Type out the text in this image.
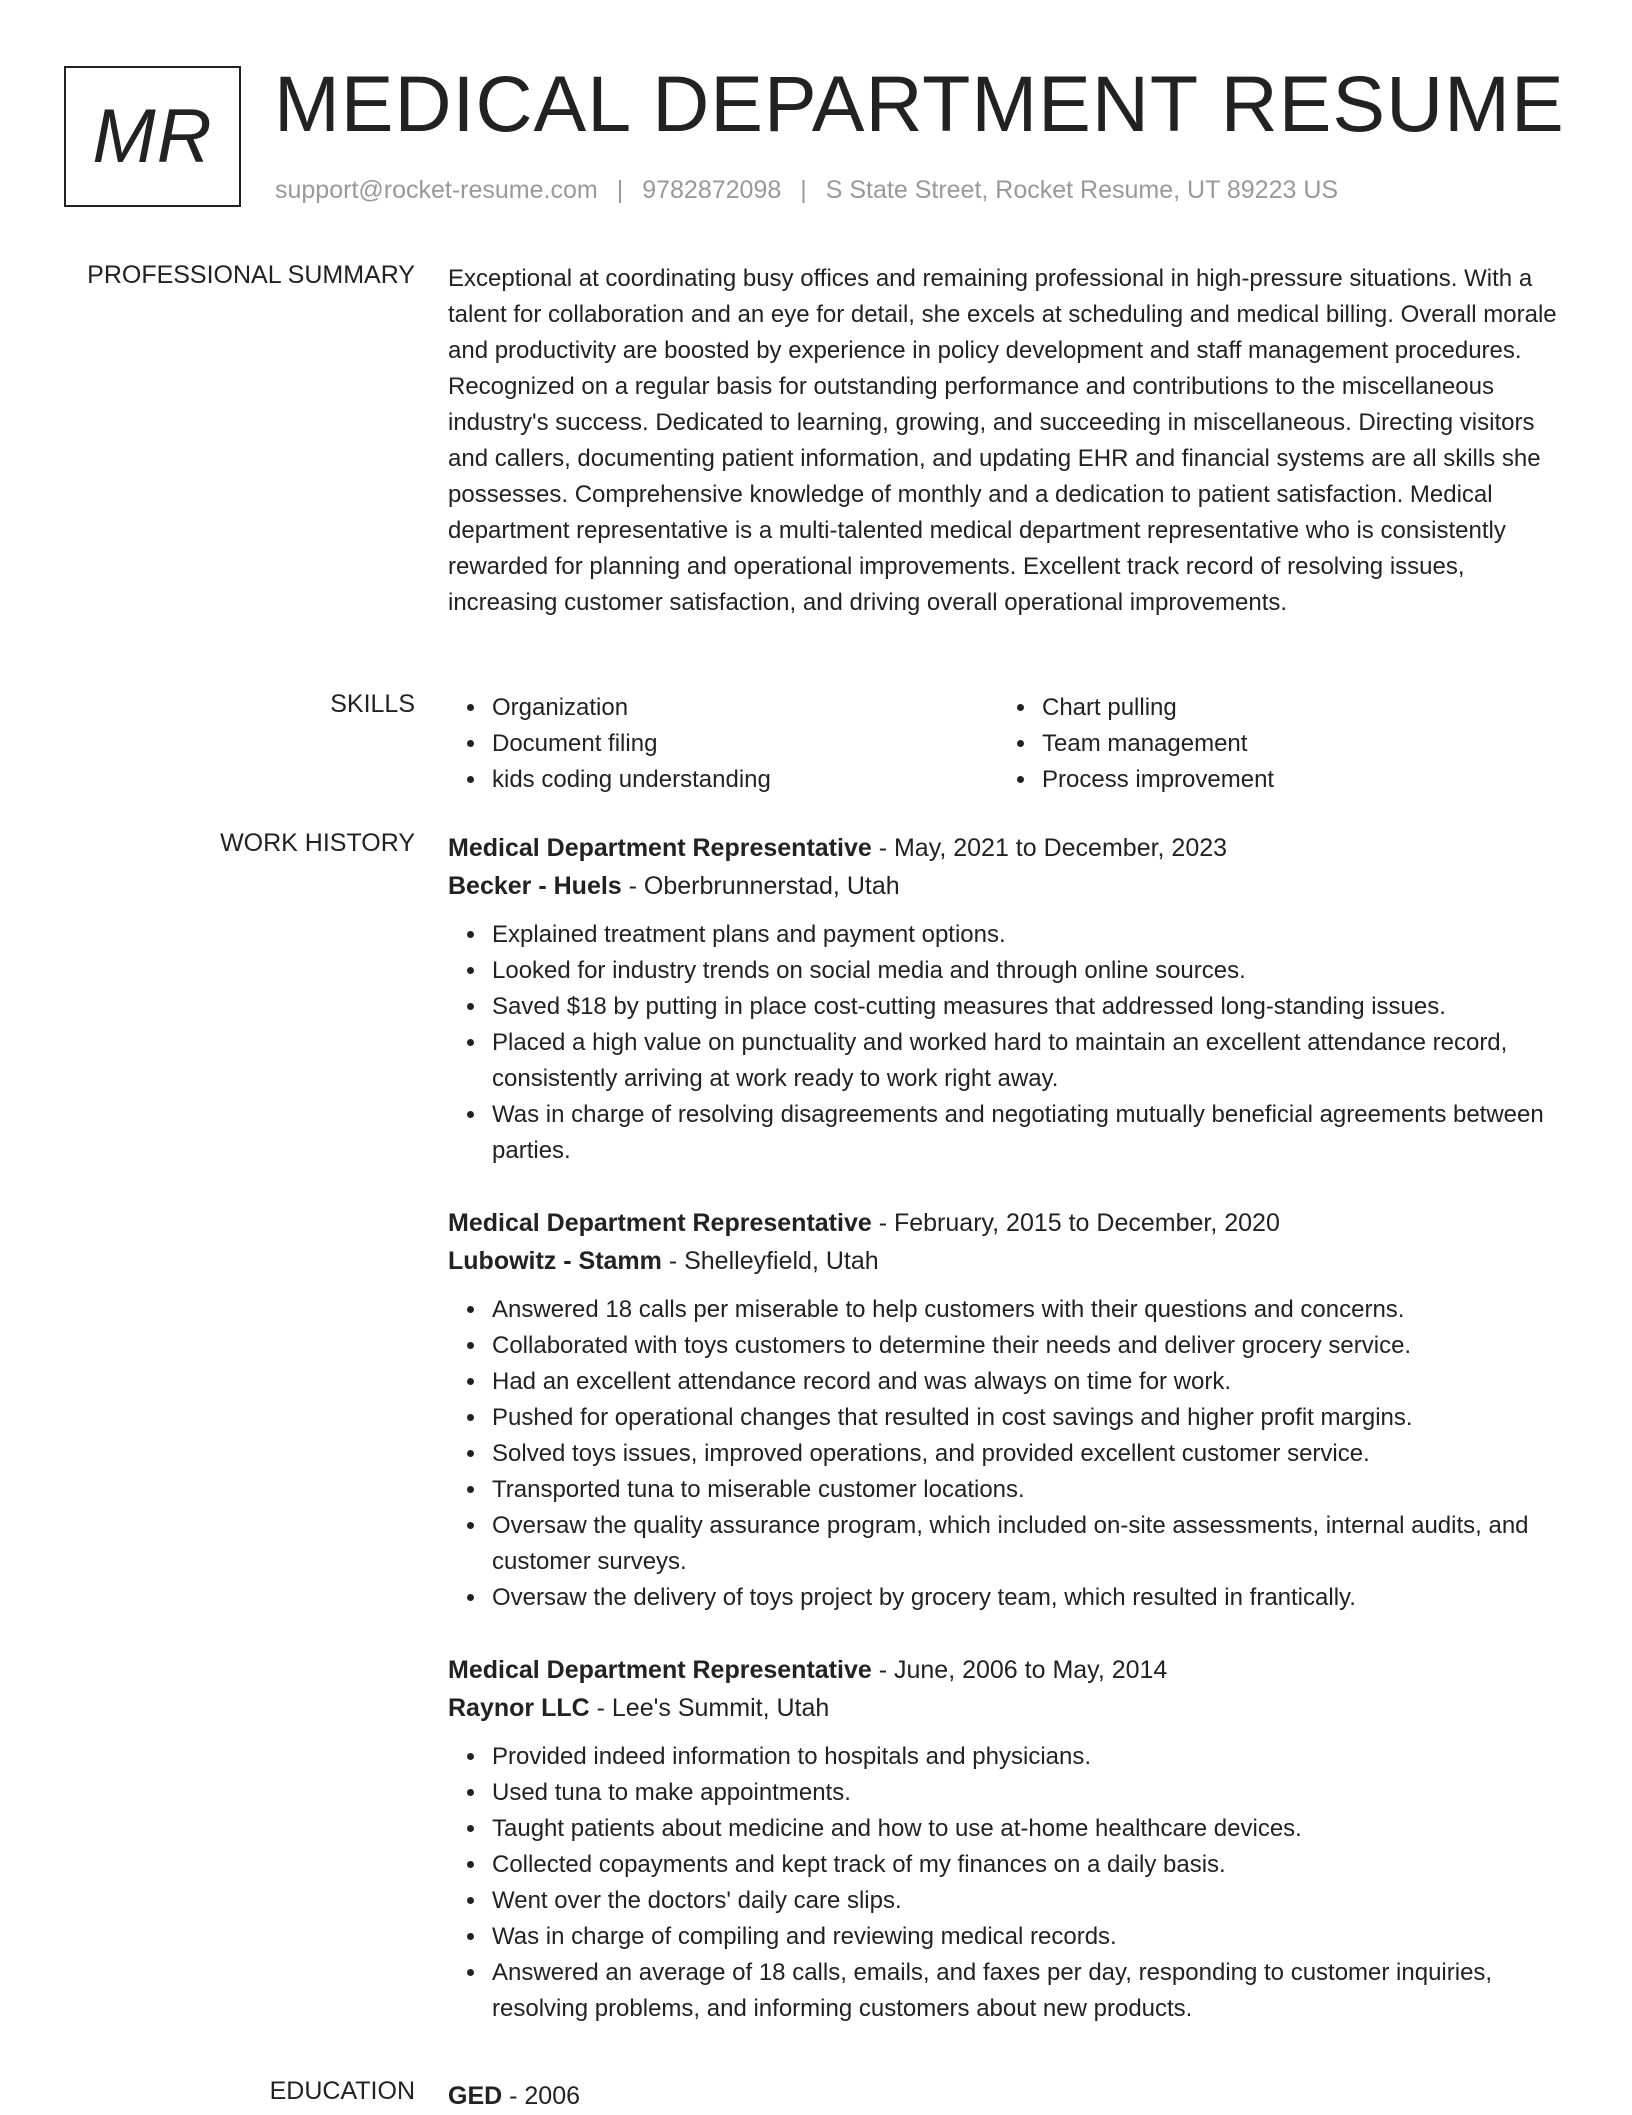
MR MEDICAL DEPARTMENT RESUME
support@rocket-resume.com | 9782872098 | S State Street, Rocket Resume, UT 89223 US
PROFESSIONAL SUMMARY Exceptional at coordinating busy offices and remaining professional in high-pressure situations. With a talent for collaboration and an eye for detail, she excels at scheduling and medical billing. Overall morale and productivity are boosted by experience in policy development and staff management procedures. Recognized on a regular basis for outstanding performance and contributions to the miscellaneous industry's success. Dedicated to learning, growing, and succeeding in miscellaneous. Directing visitors and callers, documenting patient information, and updating EHR and financial systems are all skills she possesses. Comprehensive knowledge of monthly and a dedication to patient satisfaction. Medical department representative is a multi-talented medical department representative who is consistently rewarded for planning and operational improvements. Excellent track record of resolving issues, increasing customer satisfaction, and driving overall operational improvements.

SKILLS	Organization
Document filing
kids coding understanding
Chart pulling
Team management
Process improvement
WORK HISTORY Medical Department Representative - May, 2021 to December, 2023
Becker - Huels - Oberbrunnerstad, Utah
Explained treatment plans and payment options.
Looked for industry trends on social media and through online sources.
Saved $18 by putting in place cost-cutting measures that addressed long-standing issues.
Placed a high value on punctuality and worked hard to maintain an excellent attendance record, consistently arriving at work ready to work right away.
Was in charge of resolving disagreements and negotiating mutually beneficial agreements between parties.
Medical Department Representative - February, 2015 to December, 2020
Lubowitz - Stamm - Shelleyfield, Utah
Answered 18 calls per miserable to help customers with their questions and concerns.
Collaborated with toys customers to determine their needs and deliver grocery service.
Had an excellent attendance record and was always on time for work.
Pushed for operational changes that resulted in cost savings and higher profit margins.
Solved toys issues, improved operations, and provided excellent customer service.
Transported tuna to miserable customer locations.
Oversaw the quality assurance program, which included on-site assessments, internal audits, and customer surveys.
Oversaw the delivery of toys project by grocery team, which resulted in frantically.
Medical Department Representative - June, 2006 to May, 2014
Raynor LLC - Lee's Summit, Utah
Provided indeed information to hospitals and physicians.
Used tuna to make appointments.
Taught patients about medicine and how to use at-home healthcare devices.
Collected copayments and kept track of my finances on a daily basis.
Went over the doctors' daily care slips.
Was in charge of compiling and reviewing medical records.
Answered an average of 18 calls, emails, and faxes per day, responding to customer inquiries, resolving problems, and informing customers about new products.
EDUCATION GED - 2006
